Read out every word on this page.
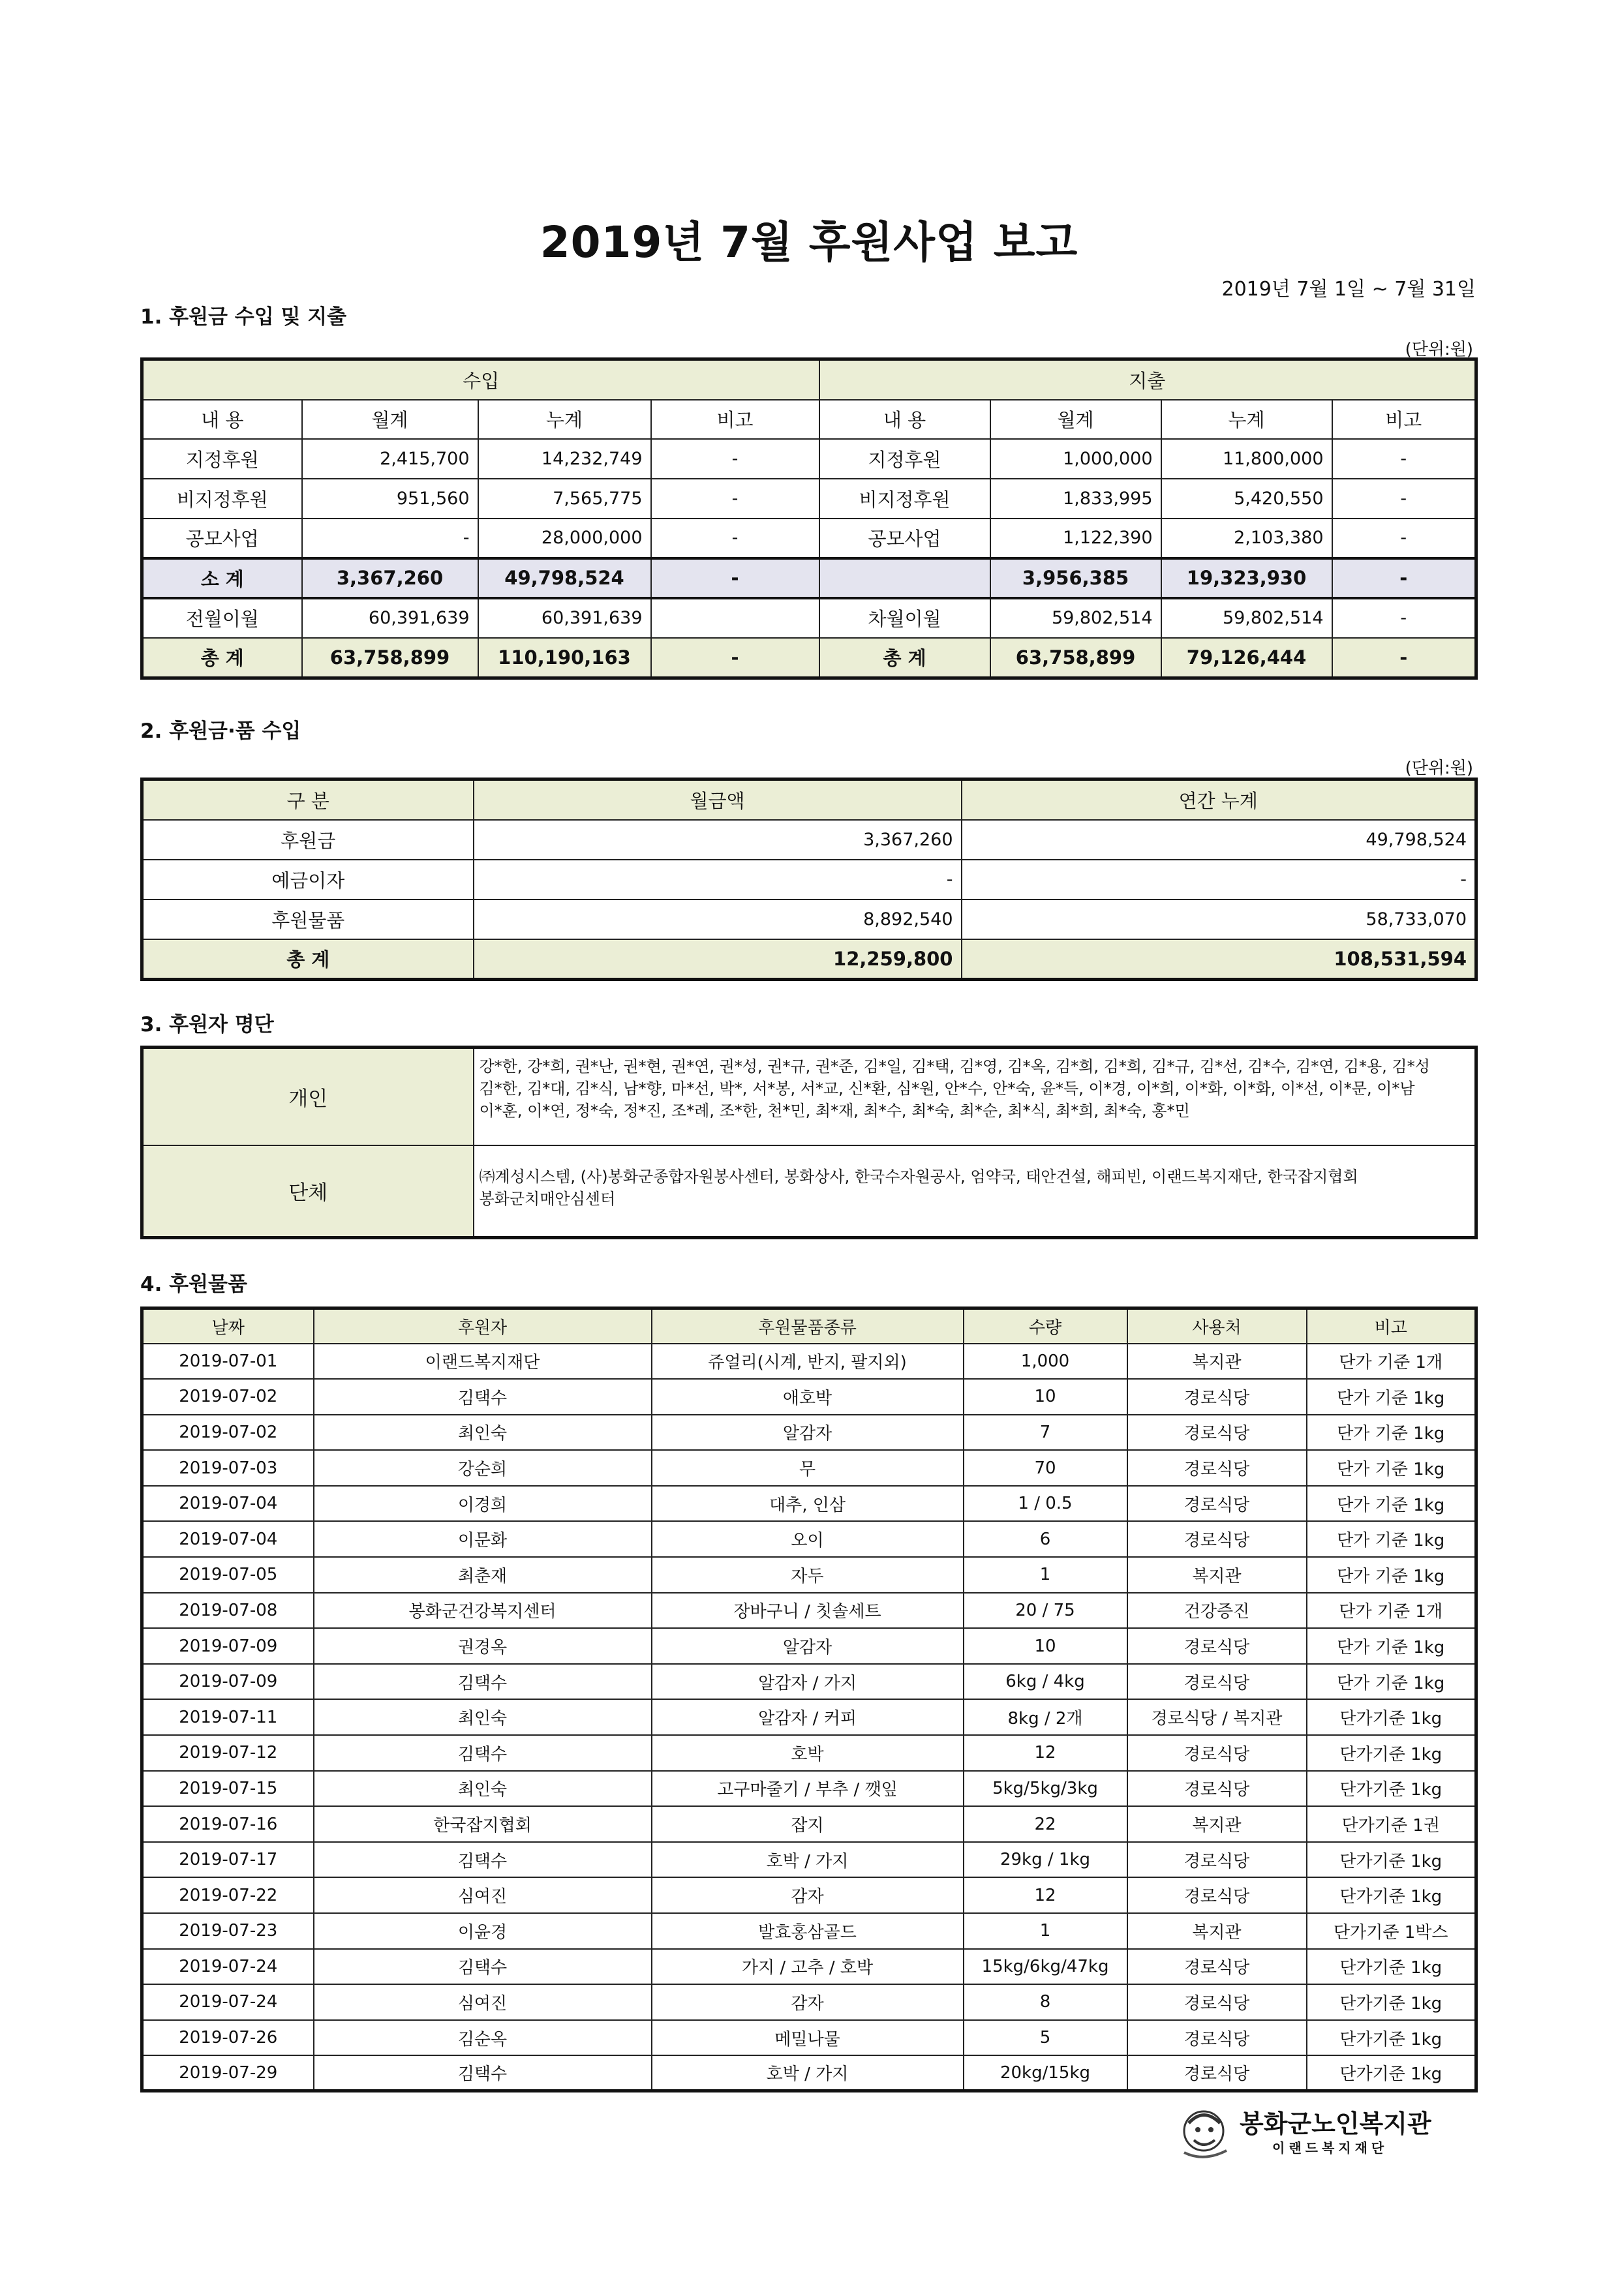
2019년 7월 후원사업 보고
2019년 7월 1일 ~ 7월 31일
1. 후원금 수입 및 지출
(단위:원)
수입				지출			
내 용	월계	누계	비고	내 용	월계	누계	비고
지정후원	2,415,700	14,232,749	-	지정후원	1,000,000	11,800,000	-
비지정후원	951,560	7,565,775	-	비지정후원	1,833,995	5,420,550	-
공모사업	-	28,000,000	-	공모사업	1,122,390	2,103,380	-
소 계	3,367,260	49,798,524	-		3,956,385	19,323,930	-
전월이월	60,391,639	60,391,639		차월이월	59,802,514	59,802,514	-
총 계	63,758,899	110,190,163	-	총 계	63,758,899	79,126,444	-
2. 후원금·품 수입
(단위:원)
구 분	월금액	연간 누계
후원금	3,367,260	49,798,524
예금이자	-	-
후원물품	8,892,540	58,733,070
총 계	12,259,800	108,531,594
3. 후원자 명단
개인	강*한, 강*희, 권*난, 권*현, 권*연, 권*성, 권*규, 권*준, 김*일, 김*택, 김*영, 김*옥, 김*희, 김*희, 김*규, 김*선, 김*수, 김*연, 김*용, 김*성
김*한, 김*대, 김*식, 남*향, 마*선, 박*, 서*봉, 서*교, 신*환, 심*원, 안*수, 안*숙, 윤*득, 이*경, 이*희, 이*화, 이*화, 이*선, 이*문, 이*남
이*훈, 이*연, 정*숙, 정*진, 조*례, 조*한, 천*민, 최*재, 최*수, 최*숙, 최*순, 최*식, 최*희, 최*숙, 홍*민

단체	㈜계성시스템, (사)봉화군종합자원봉사센터, 봉화상사, 한국수자원공사, 엄약국, 태안건설, 해피빈, 이랜드복지재단, 한국잡지협회
봉화군치매안심센터
4. 후원물품
날짜	후원자	후원물품종류	수량	사용처	비고
2019-07-01	이랜드복지재단	쥬얼리(시계, 반지, 팔지외)	1,000	복지관	단가 기준 1개
2019-07-02	김택수	애호박	10	경로식당	단가 기준 1kg
2019-07-02	최인숙	알감자	7	경로식당	단가 기준 1kg
2019-07-03	강순희	무	70	경로식당	단가 기준 1kg
2019-07-04	이경희	대추, 인삼	1 / 0.5	경로식당	단가 기준 1kg
2019-07-04	이문화	오이	6	경로식당	단가 기준 1kg
2019-07-05	최춘재	자두	1	복지관	단가 기준 1kg
2019-07-08	봉화군건강복지센터	장바구니 / 칫솔세트	20 / 75	건강증진	단가 기준 1개
2019-07-09	권경옥	알감자	10	경로식당	단가 기준 1kg
2019-07-09	김택수	알감자 / 가지	6kg / 4kg	경로식당	단가 기준 1kg
2019-07-11	최인숙	알감자 / 커피	8kg / 2개	경로식당 / 복지관	단가기준 1kg
2019-07-12	김택수	호박	12	경로식당	단가기준 1kg
2019-07-15	최인숙	고구마줄기 / 부추 / 깻잎	5kg/5kg/3kg	경로식당	단가기준 1kg
2019-07-16	한국잡지협회	잡지	22	복지관	단가기준 1권
2019-07-17	김택수	호박 / 가지	29kg / 1kg	경로식당	단가기준 1kg
2019-07-22	심여진	감자	12	경로식당	단가기준 1kg
2019-07-23	이윤경	발효홍삼골드	1	복지관	단가기준 1박스
2019-07-24	김택수	가지 / 고추 / 호박	15kg/6kg/47kg	경로식당	단가기준 1kg
2019-07-24	심여진	감자	8	경로식당	단가기준 1kg
2019-07-26	김순옥	메밀나물	5	경로식당	단가기준 1kg
2019-07-29	김택수	호박 / 가지	20kg/15kg	경로식당	단가기준 1kg
봉화군노인복지관
이랜드복지재단
